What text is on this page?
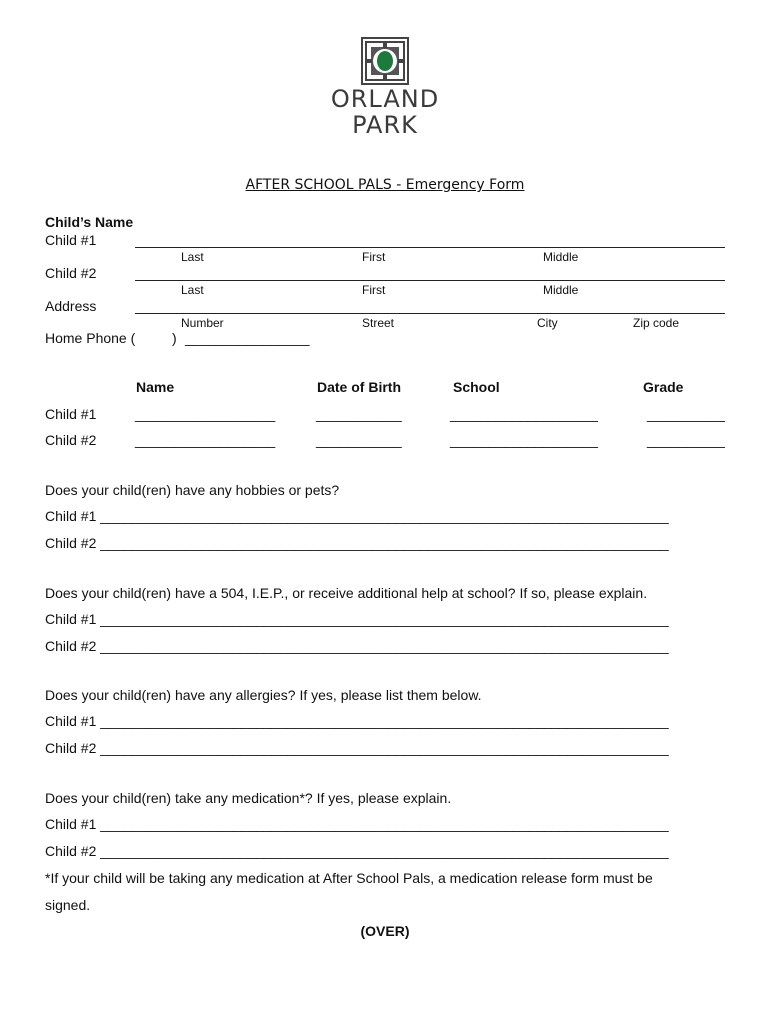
ORLAND
PARK
AFTER SCHOOL PALS - Emergency Form
Child’s Name
Child #1
Last	First	Middle
Child #2
Last	First	Middle
Address
Number	Street	City	Zip code
Home Phone (	) ________________
Name	Date of Birth	School	Grade
Child #1	__________________	___________	___________________	__________
Child #2	__________________	___________	___________________	__________
Does your child(ren) have any hobbies or pets?
Child #1 _________________________________________________________________________
Child #2 _________________________________________________________________________
Does your child(ren) have a 504, I.E.P., or receive additional help at school? If so, please explain.
Child #1 _________________________________________________________________________
Child #2 _________________________________________________________________________
Does your child(ren) have any allergies? If yes, please list them below.
Child #1 _________________________________________________________________________
Child #2 _________________________________________________________________________
Does your child(ren) take any medication*? If yes, please explain.
Child #1 _________________________________________________________________________
Child #2 _________________________________________________________________________
*If your child will be taking any medication at After School Pals, a medication release form must be
signed.
(OVER)
